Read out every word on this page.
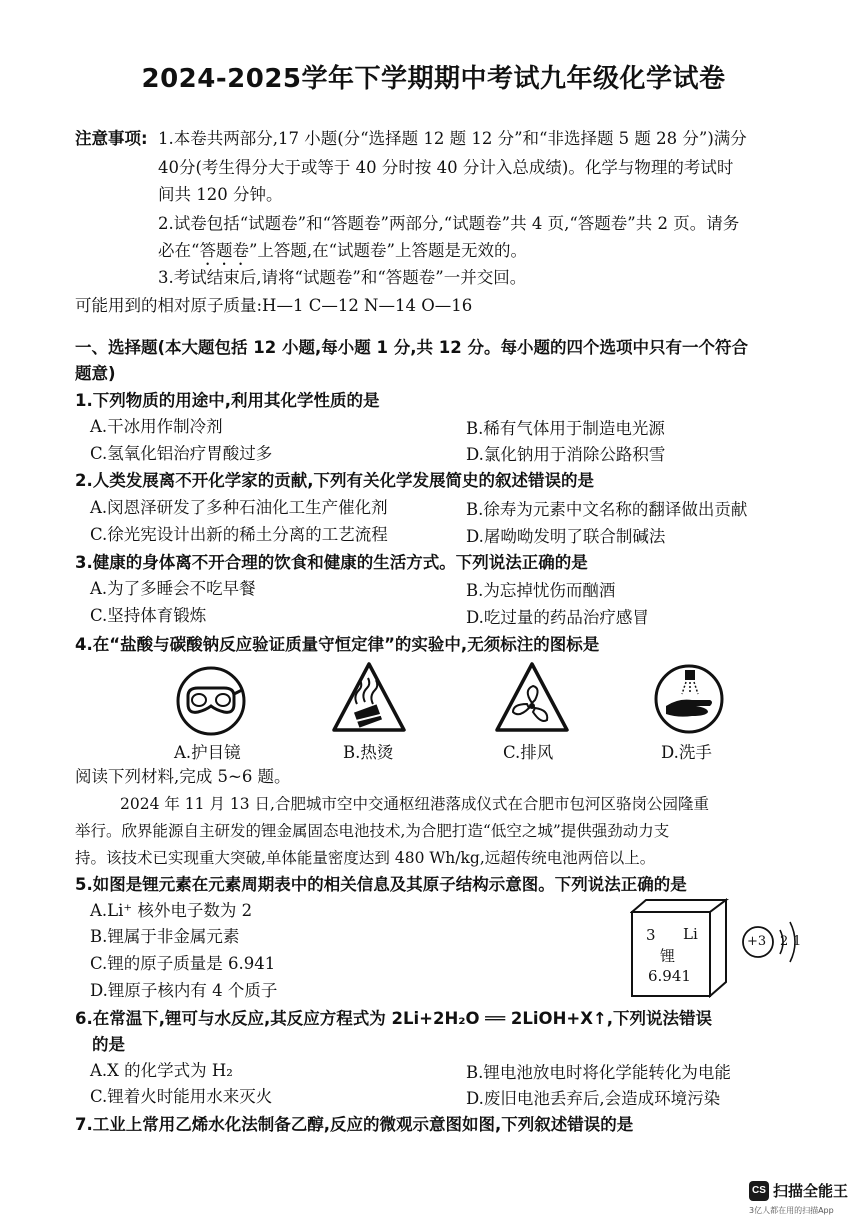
2024-2025学年下学期期中考试九年级化学试卷
注意事项: 1.本卷共两部分,17 小题(分“选择题 12 题 12 分”和“非选择题 5 题 28 分”)满分
40分(考生得分大于或等于 40 分时按 40 分计入总成绩)。化学与物理的考试时
间共 120 分钟。
2.试卷包括“试题卷”和“答题卷”两部分,“试题卷”共 4 页,“答题卷”共 2 页。请务
必在“答题卷”上答题,在“试题卷”上答题是无效的。
3.考试结束后,请将“试题卷”和“答题卷”一并交回。
可能用到的相对原子质量:H—1 C—12 N—14 O—16
一、选择题(本大题包括 12 小题,每小题 1 分,共 12 分。每小题的四个选项中只有一个符合
题意)
1.下列物质的用途中,利用其化学性质的是
A.干冰用作制冷剂	B.稀有气体用于制造电光源
C.氢氧化铝治疗胃酸过多	D.氯化钠用于消除公路积雪
2.人类发展离不开化学家的贡献,下列有关化学发展简史的叙述错误的是
A.闵恩泽研发了多种石油化工生产催化剂	B.徐寿为元素中文名称的翻译做出贡献
C.徐光宪设计出新的稀土分离的工艺流程	D.屠呦呦发明了联合制碱法
3.健康的身体离不开合理的饮食和健康的生活方式。下列说法正确的是
A.为了多睡会不吃早餐	B.为忘掉忧伤而酗酒
C.坚持体育锻炼	D.吃过量的药品治疗感冒
4.在“盐酸与碳酸钠反应验证质量守恒定律”的实验中,无须标注的图标是
A.护目镜	B.热烫	C.排风	D.洗手
阅读下列材料,完成 5~6 题。
2024 年 11 月 13 日,合肥城市空中交通枢纽港落成仪式在合肥市包河区骆岗公园隆重
举行。欣界能源自主研发的锂金属固态电池技术,为合肥打造“低空之城”提供强劲动力支
持。该技术已实现重大突破,单体能量密度达到 480 Wh/kg,远超传统电池两倍以上。
5.如图是锂元素在元素周期表中的相关信息及其原子结构示意图。下列说法正确的是
A.Li⁺ 核外电子数为 2
B.锂属于非金属元素
C.锂的原子质量是 6.941
D.锂原子核内有 4 个质子
3 Li
锂
6.941
+3 2 1
6.在常温下,锂可与水反应,其反应方程式为 2Li+2H₂O ══ 2LiOH+X↑,下列说法错误
的是
A.X 的化学式为 H₂	B.锂电池放电时将化学能转化为电能
C.锂着火时能用水来灭火	D.废旧电池丢弃后,会造成环境污染
7.工业上常用乙烯水化法制备乙醇,反应的微观示意图如图,下列叙述错误的是
CS 扫描全能王
3亿人都在用的扫描App
